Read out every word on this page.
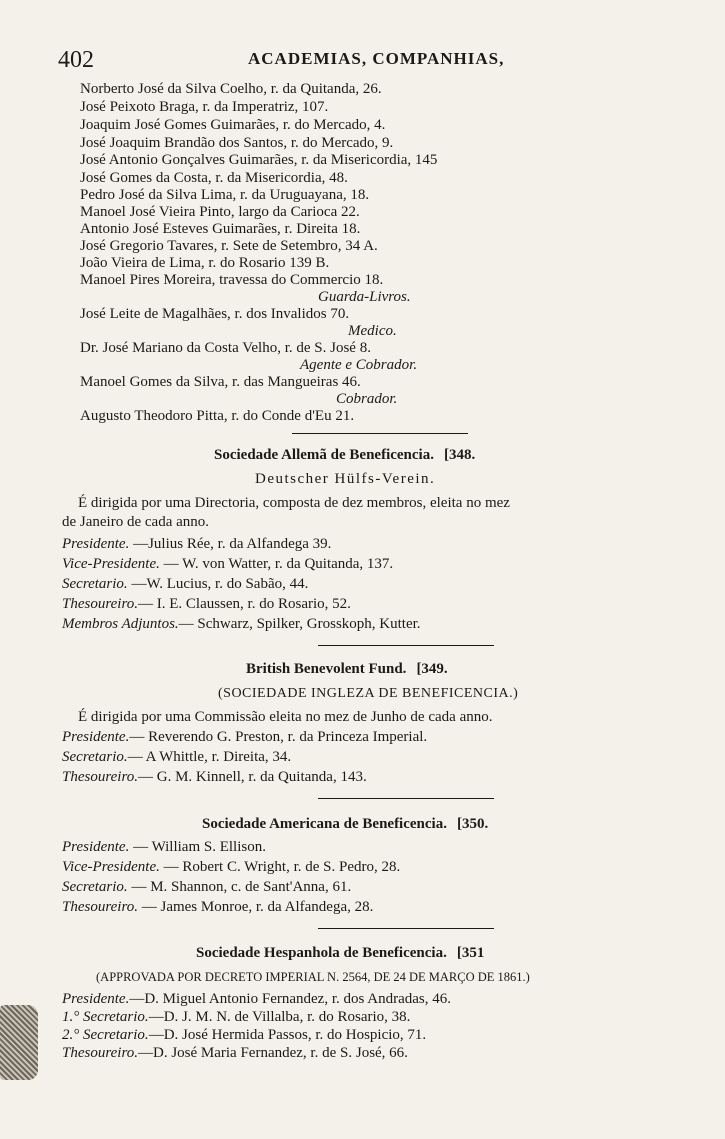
402	ACADEMIAS, COMPANHIAS,
Norberto José da Silva Coelho, r. da Quitanda, 26.
José Peixoto Braga, r. da Imperatriz, 107.
Joaquim José Gomes Guimarães, r. do Mercado, 4.
José Joaquim Brandão dos Santos, r. do Mercado, 9.
José Antonio Gonçalves Guimarães, r. da Misericordia, 145
José Gomes da Costa, r. da Misericordia, 48.
Pedro José da Silva Lima, r. da Uruguayana, 18.
Manoel José Vieira Pinto, largo da Carioca 22.
Antonio José Esteves Guimarães, r. Direita 18.
José Gregorio Tavares, r. Sete de Setembro, 34 A.
João Vieira de Lima, r. do Rosario 139 B.
Manoel Pires Moreira, travessa do Commercio 18.
Guarda-Livros.
José Leite de Magalhães, r. dos Invalidos 70.
Medico.
Dr. José Mariano da Costa Velho, r. de S. José 8.
Agente e Cobrador.
Manoel Gomes da Silva, r. das Mangueiras 46.
Cobrador.
Augusto Theodoro Pitta, r. do Conde d'Eu 21.
Sociedade Allemã de Beneficencia. [348.
Deutscher Hülfs-Verein.
É dirigida por uma Directoria, composta de dez membros, eleita no mez
de Janeiro de cada anno.
Presidente. —Julius Rée, r. da Alfandega 39.
Vice-Presidente. — W. von Watter, r. da Quitanda, 137.
Secretario. —W. Lucius, r. do Sabão, 44.
Thesoureiro.— I. E. Claussen, r. do Rosario, 52.
Membros Adjuntos.— Schwarz, Spilker, Grosskoph, Kutter.
British Benevolent Fund. [349.
(SOCIEDADE INGLEZA DE BENEFICENCIA.)
É dirigida por uma Commissão eleita no mez de Junho de cada anno.
Presidente.— Reverendo G. Preston, r. da Princeza Imperial.
Secretario.— A Whittle, r. Direita, 34.
Thesoureiro.— G. M. Kinnell, r. da Quitanda, 143.
Sociedade Americana de Beneficencia. [350.
Presidente. — William S. Ellison.
Vice-Presidente. — Robert C. Wright, r. de S. Pedro, 28.
Secretario. — M. Shannon, c. de Sant'Anna, 61.
Thesoureiro. — James Monroe, r. da Alfandega, 28.
Sociedade Hespanhola de Beneficencia. [351
(APPROVADA POR DECRETO IMPERIAL N. 2564, DE 24 DE MARÇO DE 1861.)
Presidente.—D. Miguel Antonio Fernandez, r. dos Andradas, 46.
1.° Secretario.—D. J. M. N. de Villalba, r. do Rosario, 38.
2.° Secretario.—D. José Hermida Passos, r. do Hospicio, 71.
Thesoureiro.—D. José Maria Fernandez, r. de S. José, 66.
